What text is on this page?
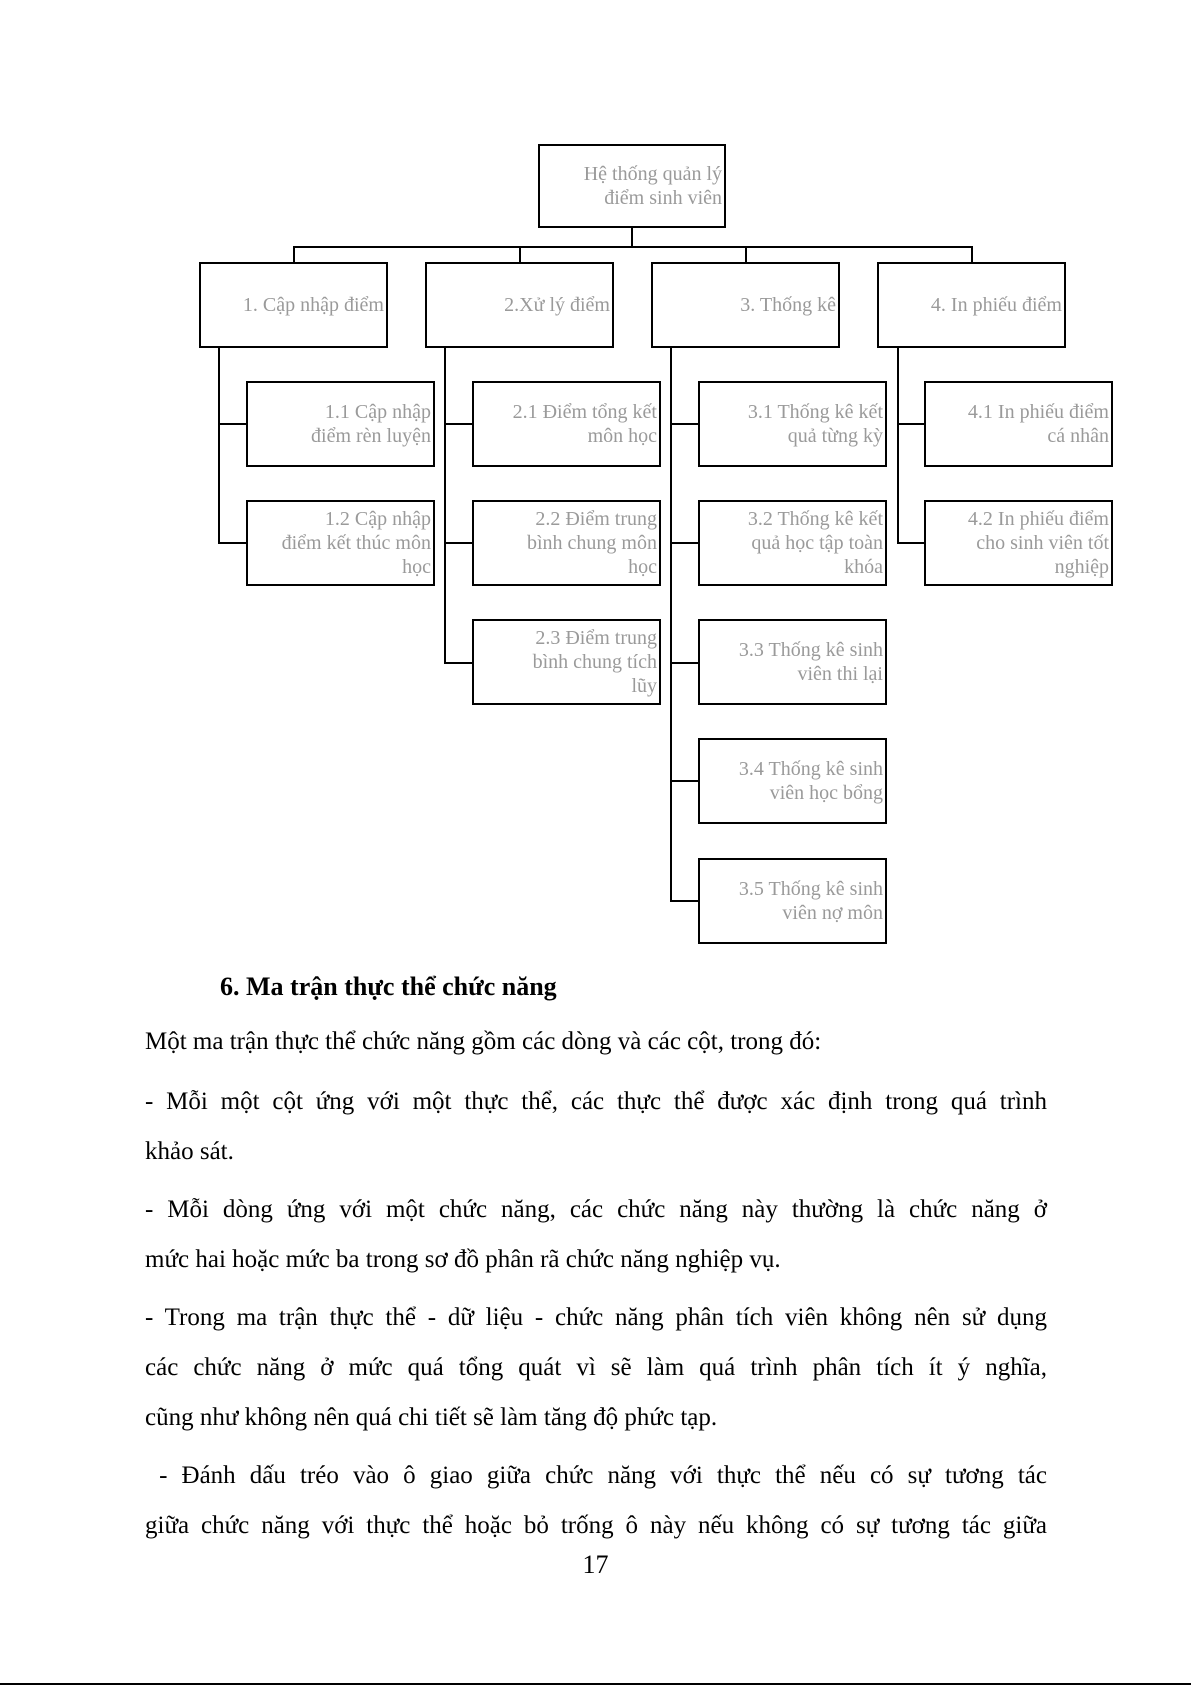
Hệ thống quản lý
điểm sinh viên
1. Cập nhập điểm	2.Xử lý điểm	3. Thống kê	4. In phiếu điểm
1.1 Cập nhập
điểm rèn luyện
1.2 Cập nhập
điểm kết thúc môn
học
2.1 Điểm tổng kết
môn học
2.2 Điểm trung
bình chung môn
học
2.3 Điểm trung
bình chung tích
lũy
3.1 Thống kê kết
quả từng kỳ
3.2 Thống kê kết
quả học tập toàn
khóa
3.3 Thống kê sinh
viên thi lại
3.4 Thống kê sinh
viên học bổng
3.5 Thống kê sinh
viên nợ môn
4.1 In phiếu điểm
cá nhân
4.2 In phiếu điểm
cho sinh viên tốt
nghiệp
6. Ma trận thực thể chức năng
Một ma trận thực thể chức năng gồm các dòng và các cột, trong đó:
- Mỗi một cột ứng với một thực thể, các thực thể được xác định trong quá trình
khảo sát.
- Mỗi dòng ứng với một chức năng, các chức năng này thường là chức năng ở
mức hai hoặc mức ba trong sơ đồ phân rã chức năng nghiệp vụ.
- Trong ma trận thực thể - dữ liệu - chức năng phân tích viên không nên sử dụng
các chức năng ở mức quá tổng quát vì sẽ làm quá trình phân tích ít ý nghĩa,
cũng như không nên quá chi tiết sẽ làm tăng độ phức tạp.
- Đánh dấu tréo vào ô giao giữa chức năng với thực thể nếu có sự tương tác
giữa chức năng với thực thể hoặc bỏ trống ô này nếu không có sự tương tác giữa
17
